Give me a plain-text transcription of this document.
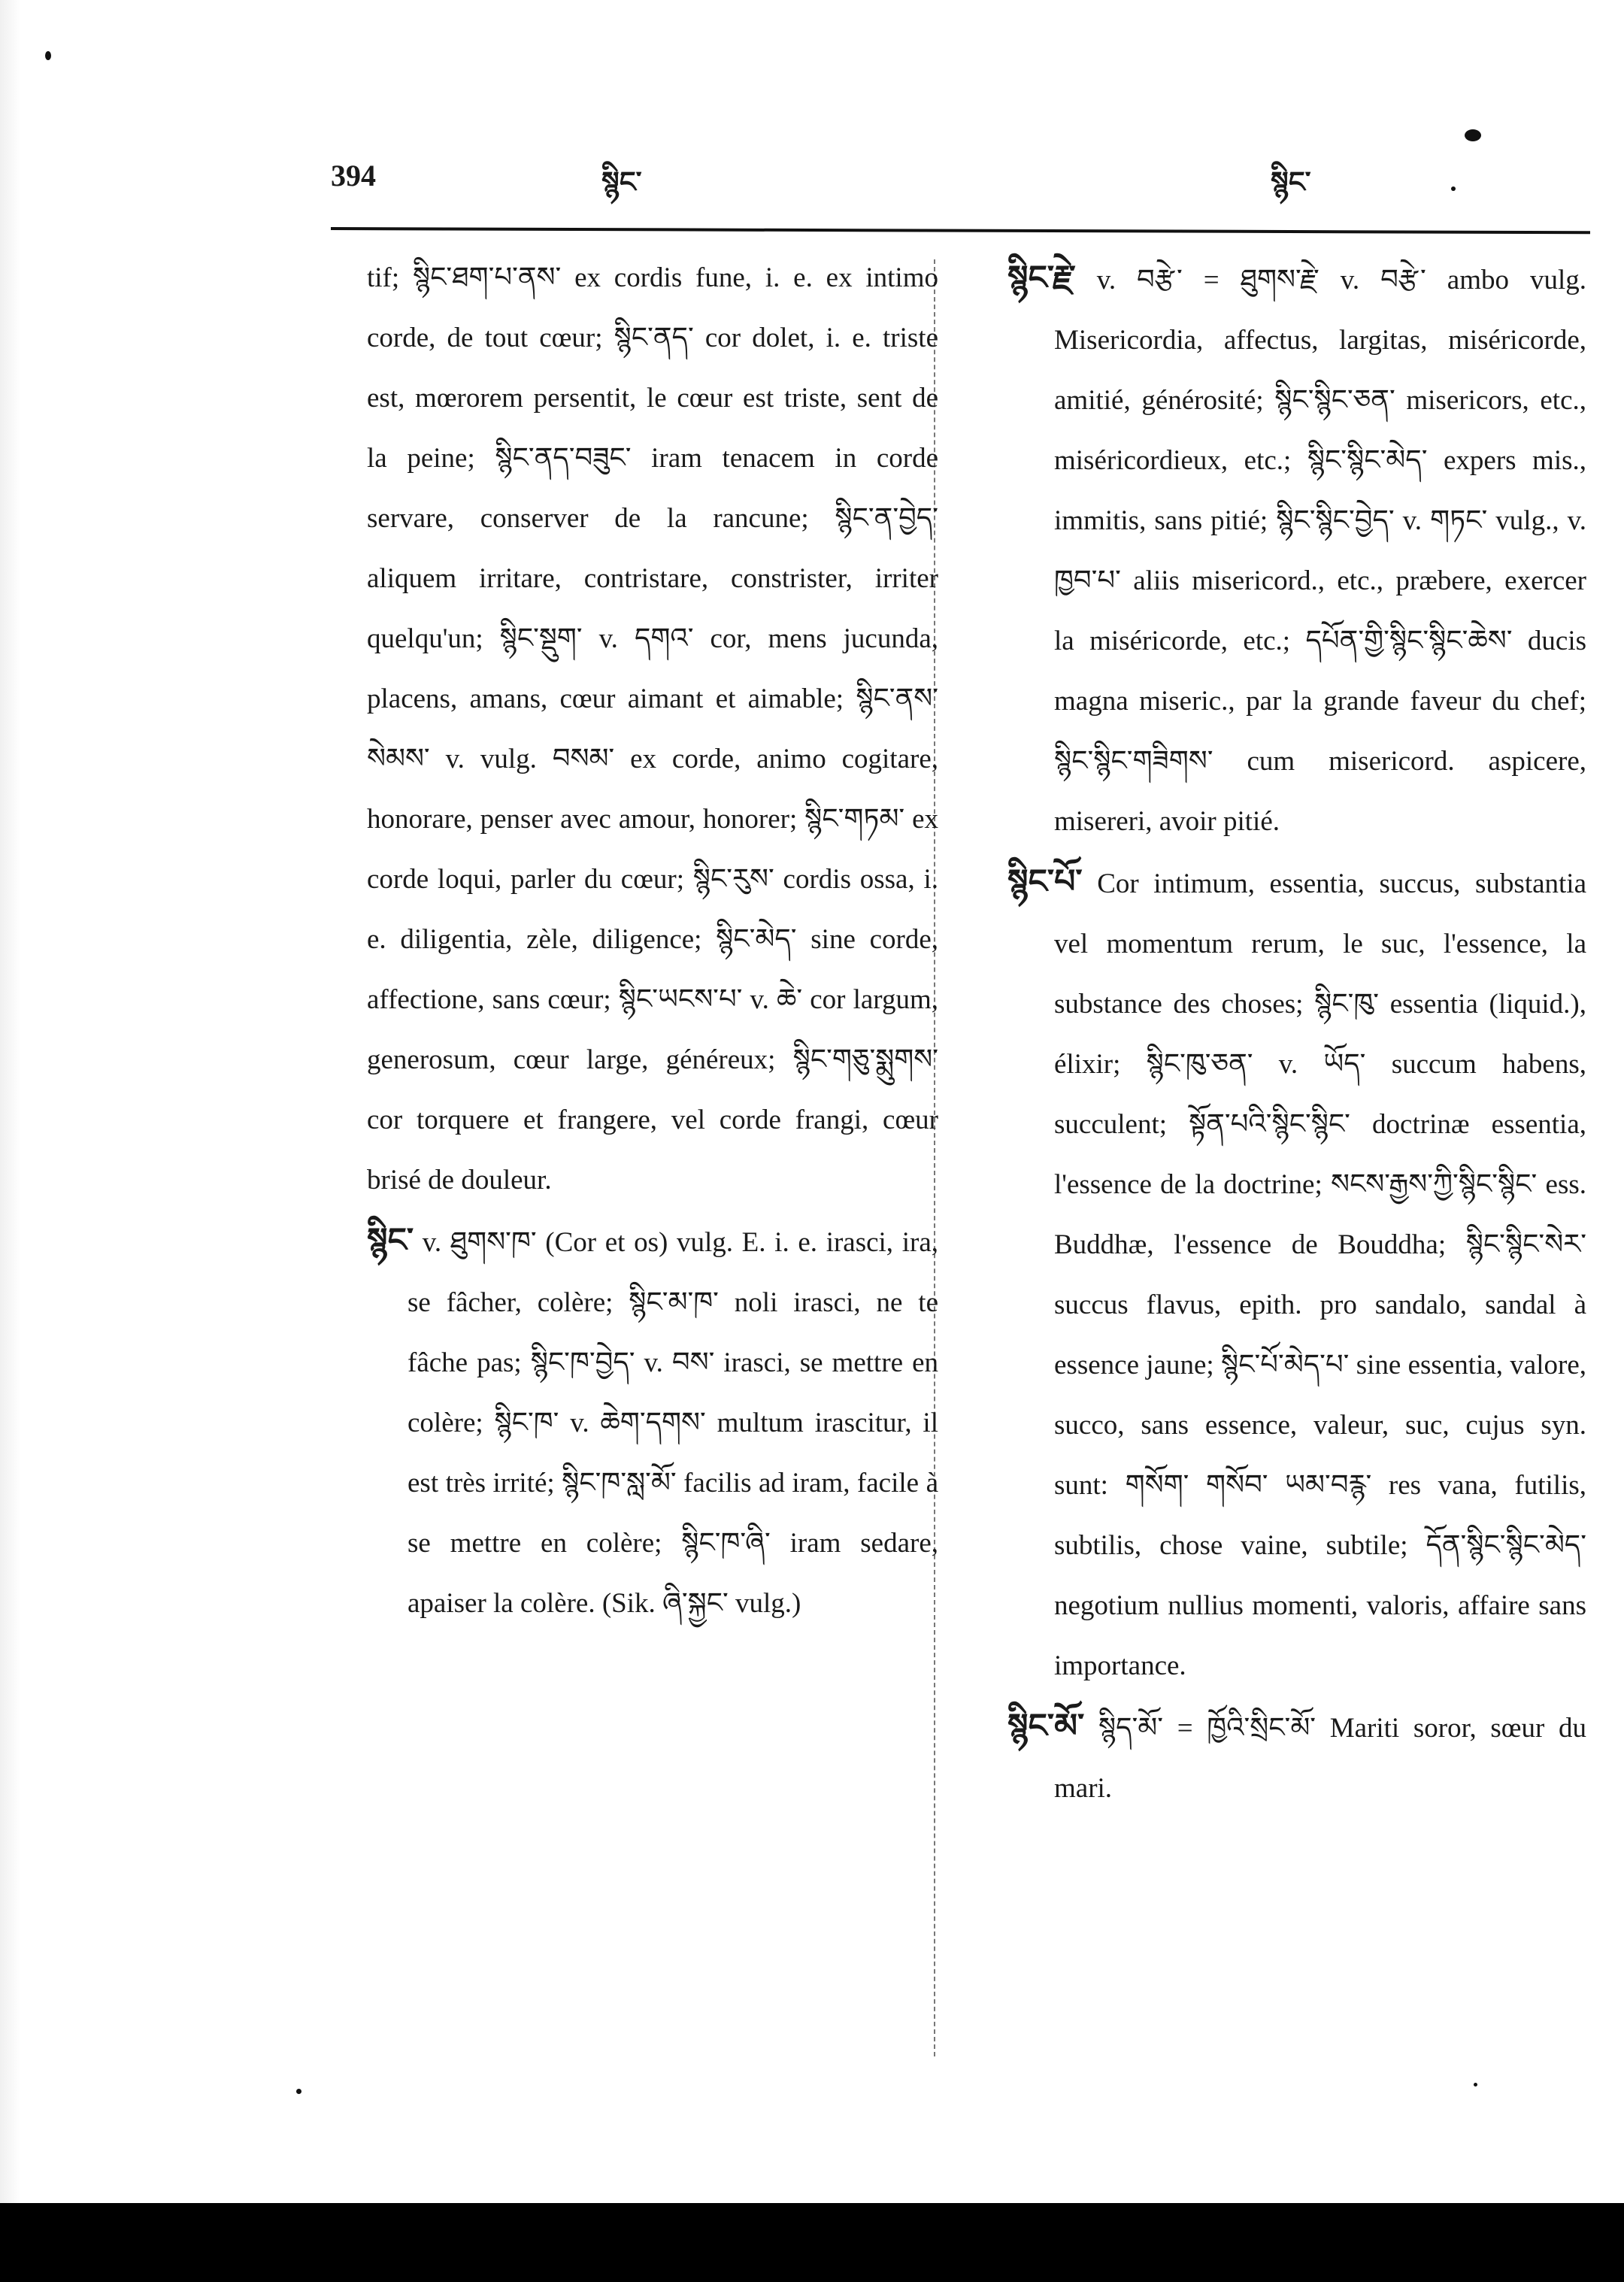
394	སྙིང་	སྙིང་

tif; སྙིང་ཐག་པ་ནས་ ex cordis fune, i. e. ex intimo corde, de tout cœur; སྙིང་ནད་ cor dolet, i. e. triste est, mœrorem persentit, le cœur est triste, sent de la peine; སྙིང་ནད་བཟུང་ iram tenacem in corde servare, conserver de la rancune; སྙིང་ན་བྱེད་ aliquem irritare, contristare, constrister, irriter quelqu'un; སྙིང་སྡུག་ v. དགའ་ cor, mens jucunda, placens, amans, cœur aimant et aimable; སྙིང་ནས་སེམས་ v. vulg. བསམ་ ex corde, animo cogitare, honorare, penser avec amour, honorer; སྙིང་གཏམ་ ex corde loqui, parler du cœur; སྙིང་རུས་ cordis ossa, i. e. diligentia, zèle, diligence; སྙིང་མེད་ sine corde, affectione, sans cœur; སྙིང་ཡངས་པ་ v. ཆེ་ cor largum, generosum, cœur large, généreux; སྙིང་གཅུ་སྨུགས་ cor torquere et frangere, vel corde frangi, cœur brisé de douleur.

སྙིང་ v. ཐུགས་ཁ་ (Cor et os) vulg. E. i. e. irasci, ira, se fâcher, colère; སྙིང་མ་ཁ་ noli irasci, ne te fâche pas; སྙིང་ཁ་བྱེད་ v. བས་ irasci, se mettre en colère; སྙིང་ཁ་ v. ཆེག་དགས་ multum irascitur, il est très irrité; སྙིང་ཁ་སླ་མོ་ facilis ad iram, facile à se mettre en colère; སྙིང་ཁ་ཞི་ iram sedare, apaiser la colère. (Sik. ཞི་སྐྱང་ vulg.)

སྙིང་རྗེ་ v. བརྩེ་ = ཐུགས་རྗེ་ v. བརྩེ་ ambo vulg. Misericordia, affectus, largitas, miséricorde, amitié, générosité; སྙིང་སྙིང་ཅན་ misericors, etc., miséricordieux, etc.; སྙིང་སྙིང་མེད་ expers mis., immitis, sans pitié; སྙིང་སྙིང་བྱེད་ v. གཏང་ vulg., v. ཁྱབ་པ་ aliis misericord., etc., præbere, exercer la miséricorde, etc.; དཔོན་གྱི་སྙིང་སྙིང་ཆེས་ ducis magna miseric., par la grande faveur du chef; སྙིང་སྙིང་གཟིགས་ cum misericord. aspicere, misereri, avoir pitié.

སྙིང་པོ་ Cor intimum, essentia, succus, substantia vel momentum rerum, le suc, l'essence, la substance des choses; སྙིང་ཁུ་ essentia (liquid.), élixir; སྙིང་ཁུ་ཅན་ v. ཡོད་ succum habens, succulent; སྟོན་པའི་སྙིང་སྙིང་ doctrinæ essentia, l'essence de la doctrine; སངས་རྒྱས་ཀྱི་སྙིང་སྙིང་ ess. Buddhæ, l'essence de Bouddha; སྙིང་སྙིང་སེར་ succus flavus, epith. pro sandalo, sandal à essence jaune; སྙིང་པོ་མེད་པ་ sine essentia, valore, succo, sans essence, valeur, suc, cujus syn. sunt: གསོག་ གསོབ་ ཡམ་བརྙ་ res vana, futilis, subtilis, chose vaine, subtile; དོན་སྙིང་སྙིང་མེད་ negotium nullius momenti, valoris, affaire sans importance.

སྙིང་མོ་ སྙིད་མོ་ = ཁྱོའི་སྲིང་མོ་ Mariti soror, sœur du mari.
